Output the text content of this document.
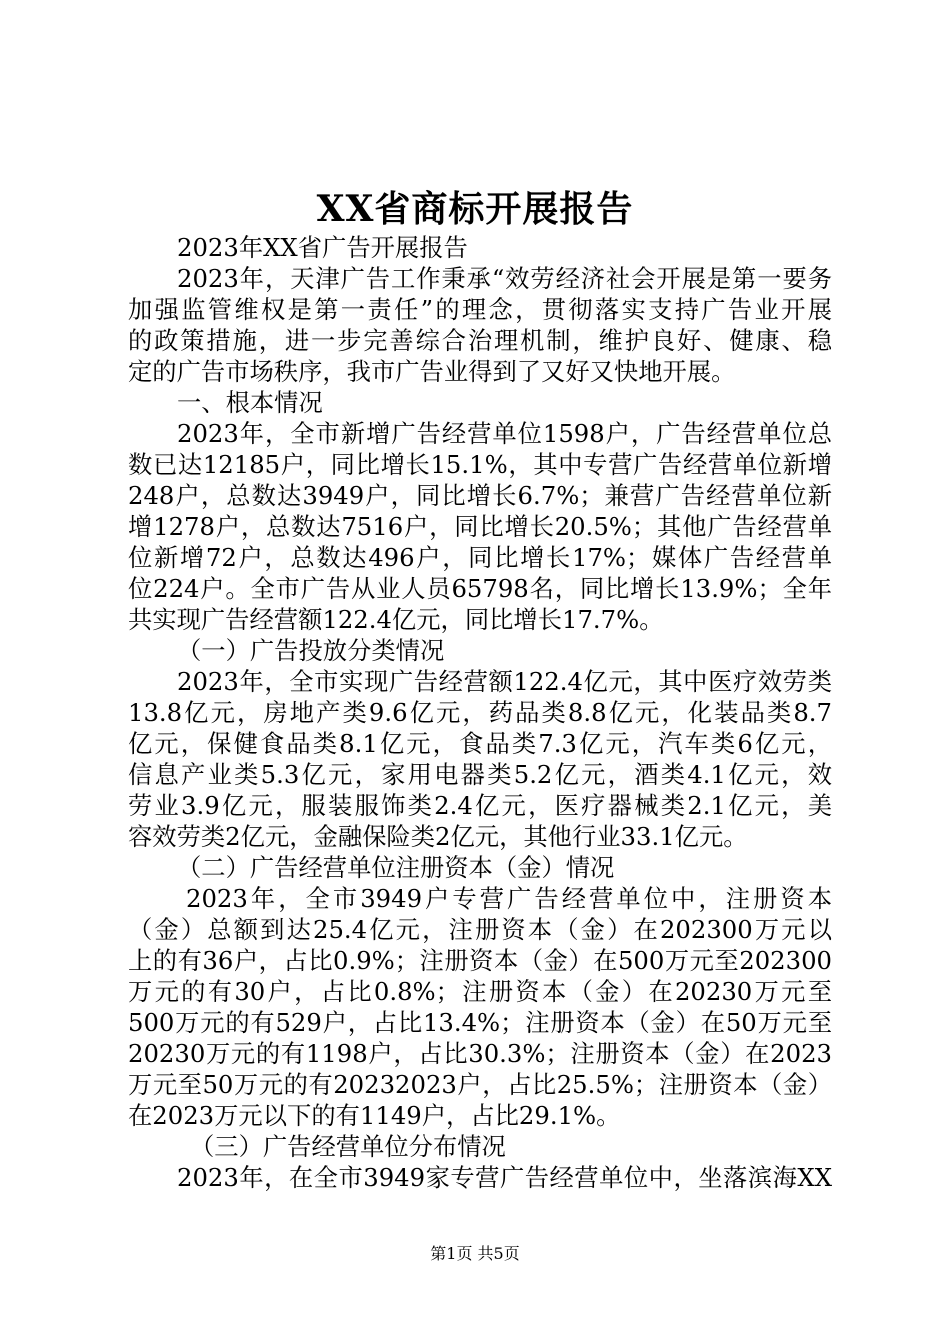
XX省商标开展报告
2023年XX省广告开展报告
2023年，天津广告工作秉承“效劳经济社会开展是第一要务
加强监管维权是第一责任”的理念，贯彻落实支持广告业开展
的政策措施，进一步完善综合治理机制，维护良好、健康、稳
定的广告市场秩序，我市广告业得到了又好又快地开展。
一、根本情况
2023年，全市新增广告经营单位1598户，广告经营单位总
数已达12185户，同比增长15.1%，其中专营广告经营单位新增
248户，总数达3949户，同比增长6.7%；兼营广告经营单位新
增1278户，总数达7516户，同比增长20.5%；其他广告经营单
位新增72户，总数达496户，同比增长17%；媒体广告经营单
位224户。全市广告从业人员65798名，同比增长13.9%；全年
共实现广告经营额122.4亿元，同比增长17.7%。
（一）广告投放分类情况
2023年，全市实现广告经营额122.4亿元，其中医疗效劳类
13.8亿元，房地产类9.6亿元，药品类8.8亿元，化装品类8.7
亿元，保健食品类8.1亿元，食品类7.3亿元，汽车类6亿元，
信息产业类5.3亿元，家用电器类5.2亿元，酒类4.1亿元，效
劳业3.9亿元，服装服饰类2.4亿元，医疗器械类2.1亿元，美
容效劳类2亿元，金融保险类2亿元，其他行业33.1亿元。
（二）广告经营单位注册资本（金）情况
2023年，全市3949户专营广告经营单位中，注册资本
（金）总额到达25.4亿元，注册资本（金）在202300万元以
上的有36户，占比0.9%；注册资本（金）在500万元至202300
万元的有30户，占比0.8%；注册资本（金）在20230万元至
500万元的有529户，占比13.4%；注册资本（金）在50万元至
20230万元的有1198户，占比30.3%；注册资本（金）在2023
万元至50万元的有20232023户，占比25.5%；注册资本（金）
在2023万元以下的有1149户，占比29.1%。
（三）广告经营单位分布情况
2023年，在全市3949家专营广告经营单位中，坐落滨海XX
第1页 共5页
